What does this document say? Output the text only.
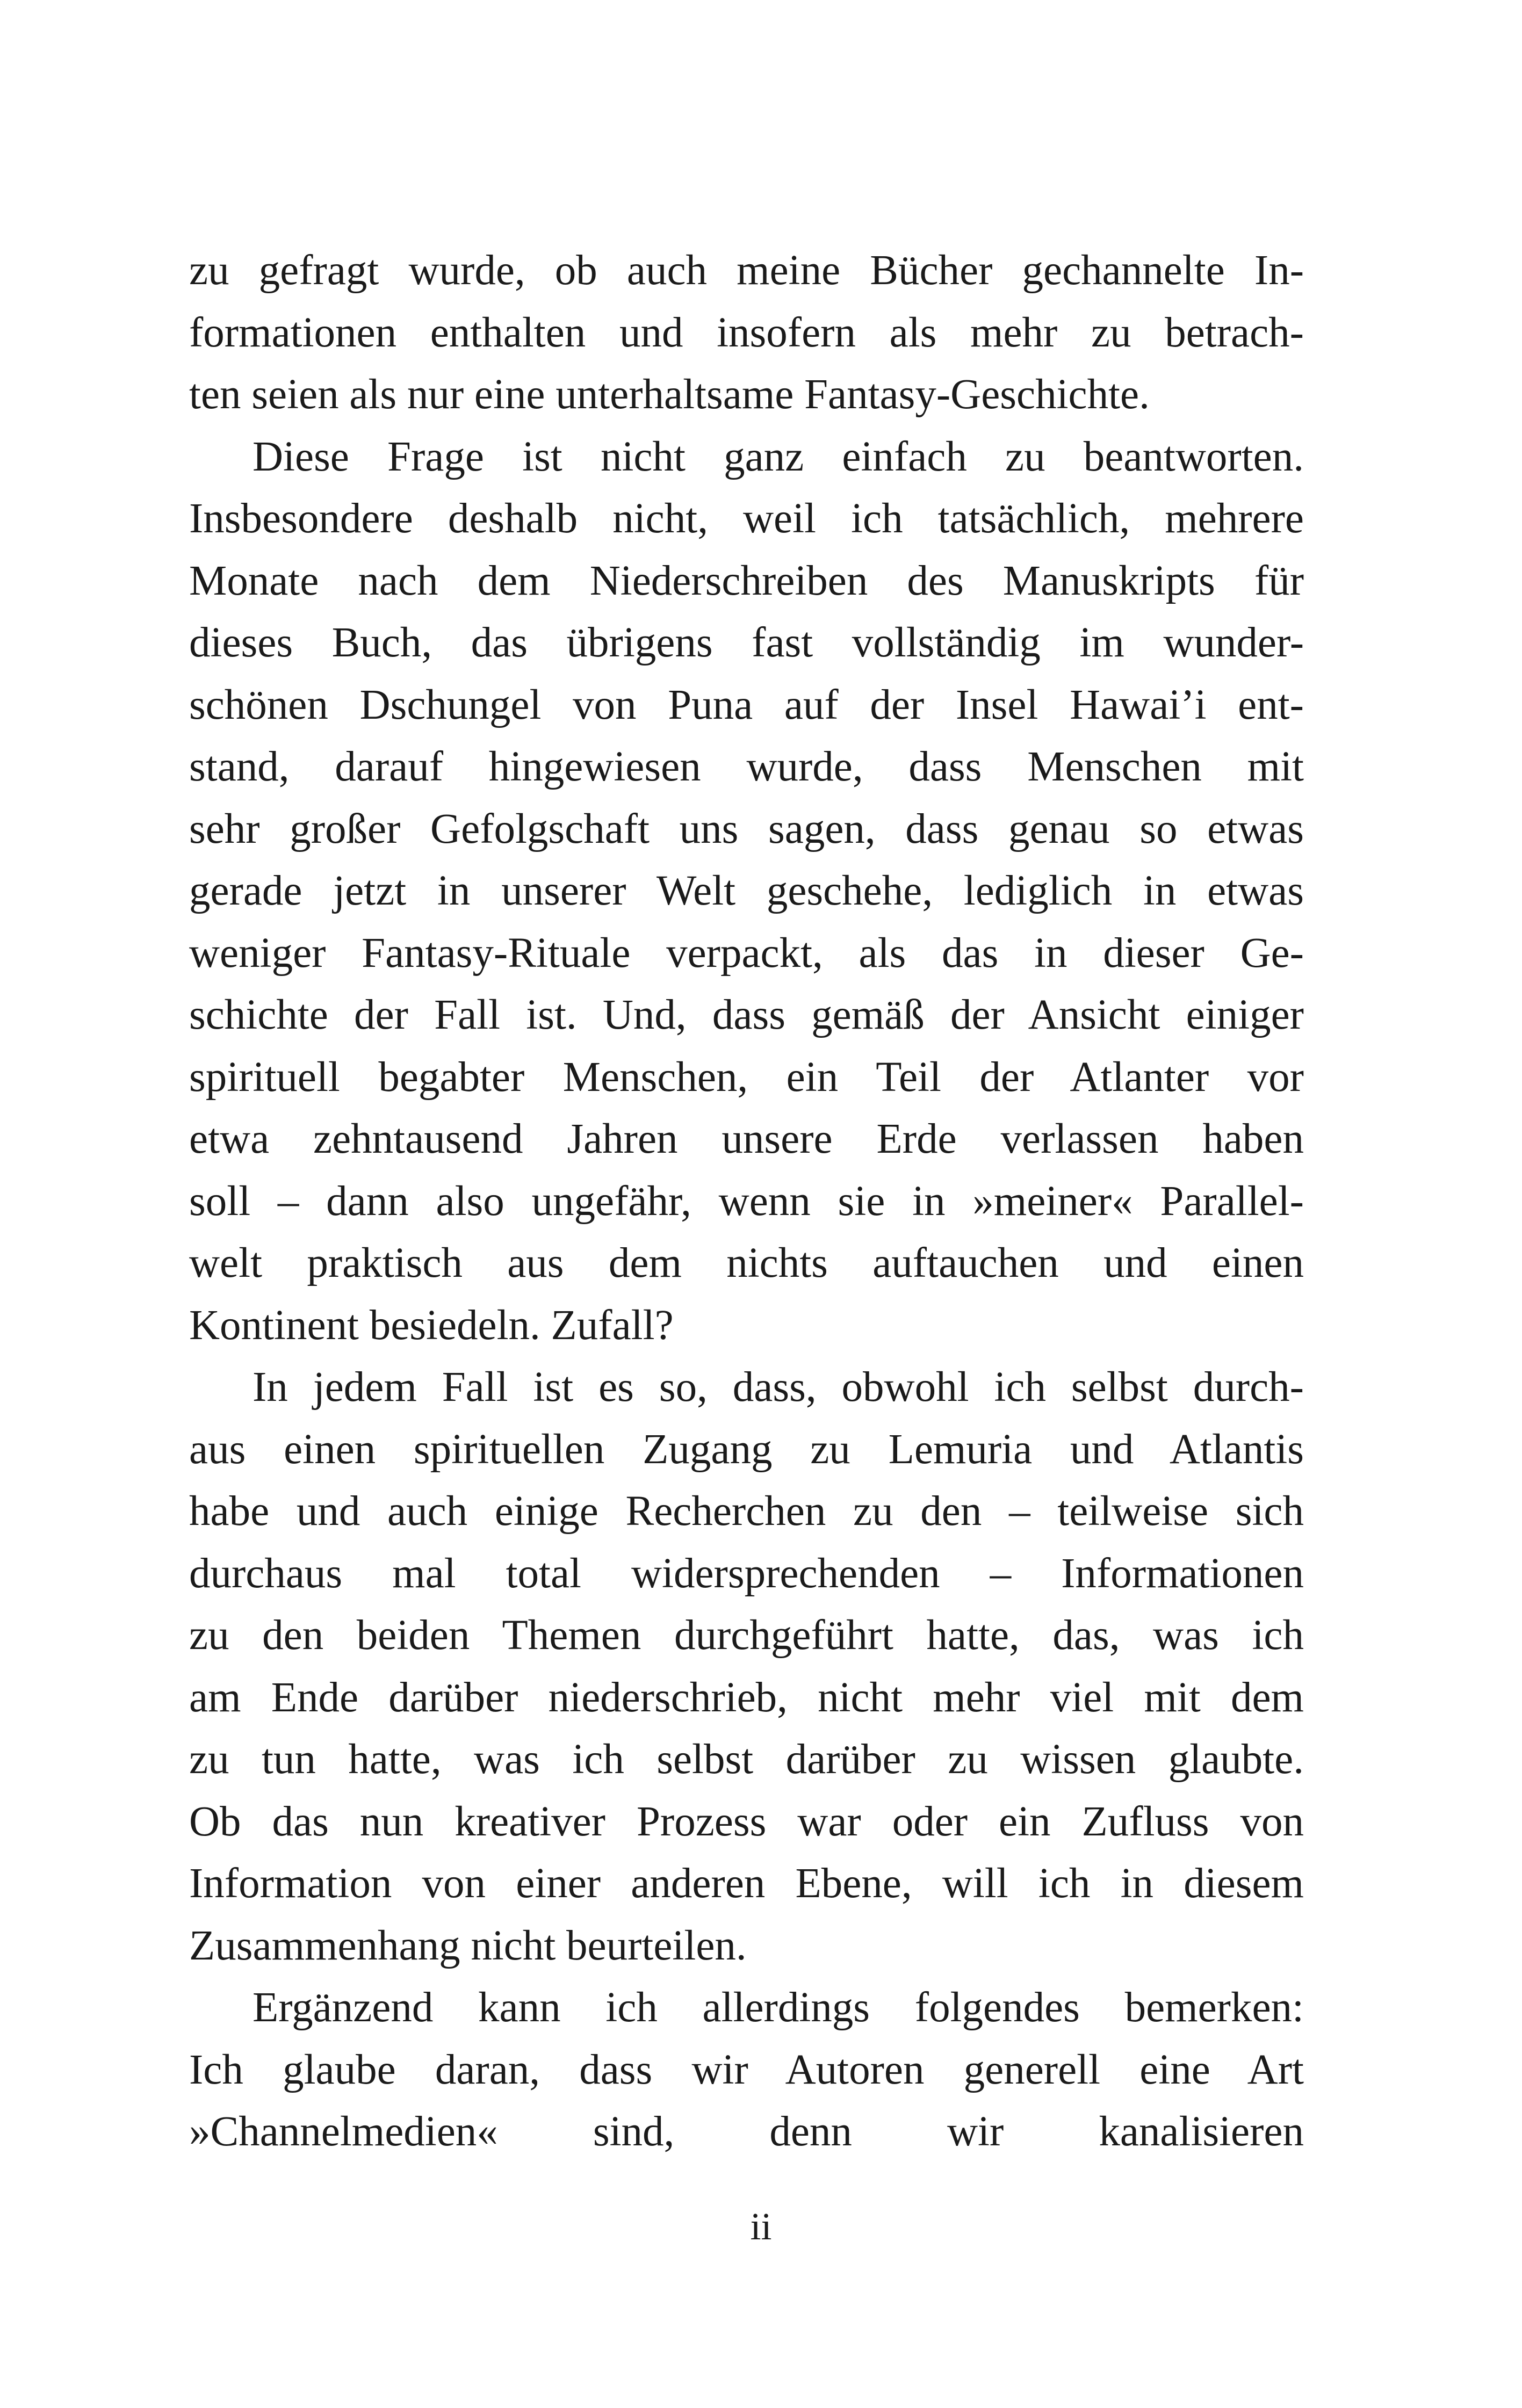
zu gefragt wurde, ob auch meine Bücher gechannelte In-
formationen enthalten und insofern als mehr zu betrach-
ten seien als nur eine unterhaltsame Fantasy-Geschichte.
Diese Frage ist nicht ganz einfach zu beantworten.
Insbesondere deshalb nicht, weil ich tatsächlich, mehrere
Monate nach dem Niederschreiben des Manuskripts für
dieses Buch, das übrigens fast vollständig im wunder-
schönen Dschungel von Puna auf der Insel Hawai’i ent-
stand, darauf hingewiesen wurde, dass Menschen mit
sehr großer Gefolgschaft uns sagen, dass genau so etwas
gerade jetzt in unserer Welt geschehe, lediglich in etwas
weniger Fantasy-Rituale verpackt, als das in dieser Ge-
schichte der Fall ist. Und, dass gemäß der Ansicht einiger
spirituell begabter Menschen, ein Teil der Atlanter vor
etwa zehntausend Jahren unsere Erde verlassen haben
soll – dann also ungefähr, wenn sie in »meiner« Parallel-
welt praktisch aus dem nichts auftauchen und einen
Kontinent besiedeln. Zufall?
In jedem Fall ist es so, dass, obwohl ich selbst durch-
aus einen spirituellen Zugang zu Lemuria und Atlantis
habe und auch einige Recherchen zu den – teilweise sich
durchaus mal total widersprechenden – Informationen
zu den beiden Themen durchgeführt hatte, das, was ich
am Ende darüber niederschrieb, nicht mehr viel mit dem
zu tun hatte, was ich selbst darüber zu wissen glaubte.
Ob das nun kreativer Prozess war oder ein Zufluss von
Information von einer anderen Ebene, will ich in diesem
Zusammenhang nicht beurteilen.
Ergänzend kann ich allerdings folgendes bemerken:
Ich glaube daran, dass wir Autoren generell eine Art
»Channelmedien« sind, denn wir kanalisieren
ii
